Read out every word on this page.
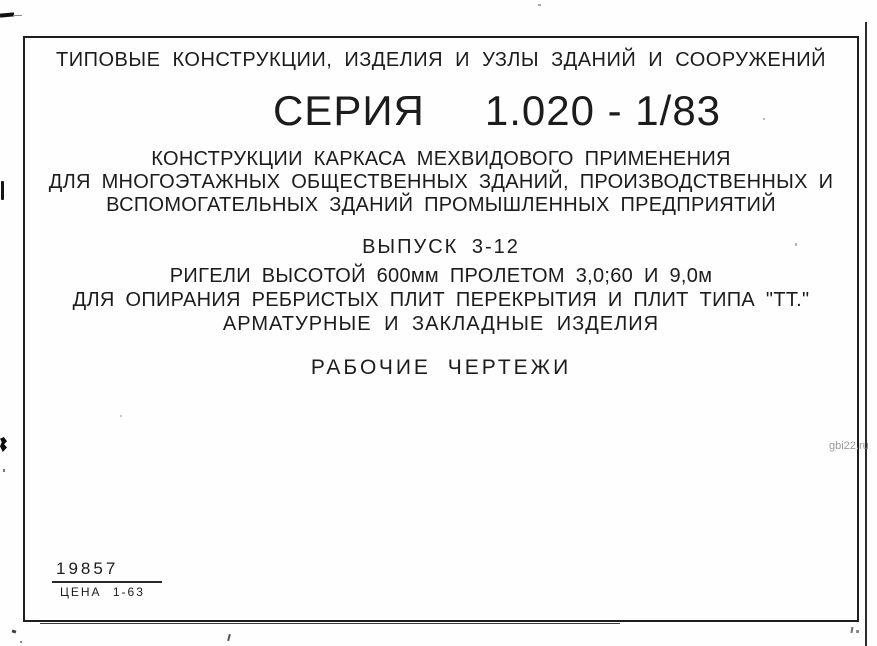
ТИПОВЫЕ КОНСТРУКЦИИ, ИЗДЕЛИЯ И УЗЛЫ ЗДАНИЙ И СООРУЖЕНИЙ
СЕРИЯ 1.020 - 1/83
КОНСТРУКЦИИ КАРКАСА МЕХВИДОВОГО ПРИМЕНЕНИЯ
ДЛЯ МНОГОЭТАЖНЫХ ОБЩЕСТВЕННЫХ ЗДАНИЙ, ПРОИЗВОДСТВЕННЫХ И
ВСПОМОГАТЕЛЬНЫХ ЗДАНИЙ ПРОМЫШЛЕННЫХ ПРЕДПРИЯТИЙ
ВЫПУСК 3-12
РИГЕЛИ ВЫСОТОЙ 600мм ПРОЛЕТОМ 3,0;60 И 9,0м
ДЛЯ ОПИРАНИЯ РЕБРИСТЫХ ПЛИТ ПЕРЕКРЫТИЯ И ПЛИТ ТИПА "ТТ."
АРМАТУРНЫЕ И ЗАКЛАДНЫЕ ИЗДЕЛИЯ
РАБОЧИЕ ЧЕРТЕЖИ
19857
ЦЕНА 1-63
gbi22.ru
